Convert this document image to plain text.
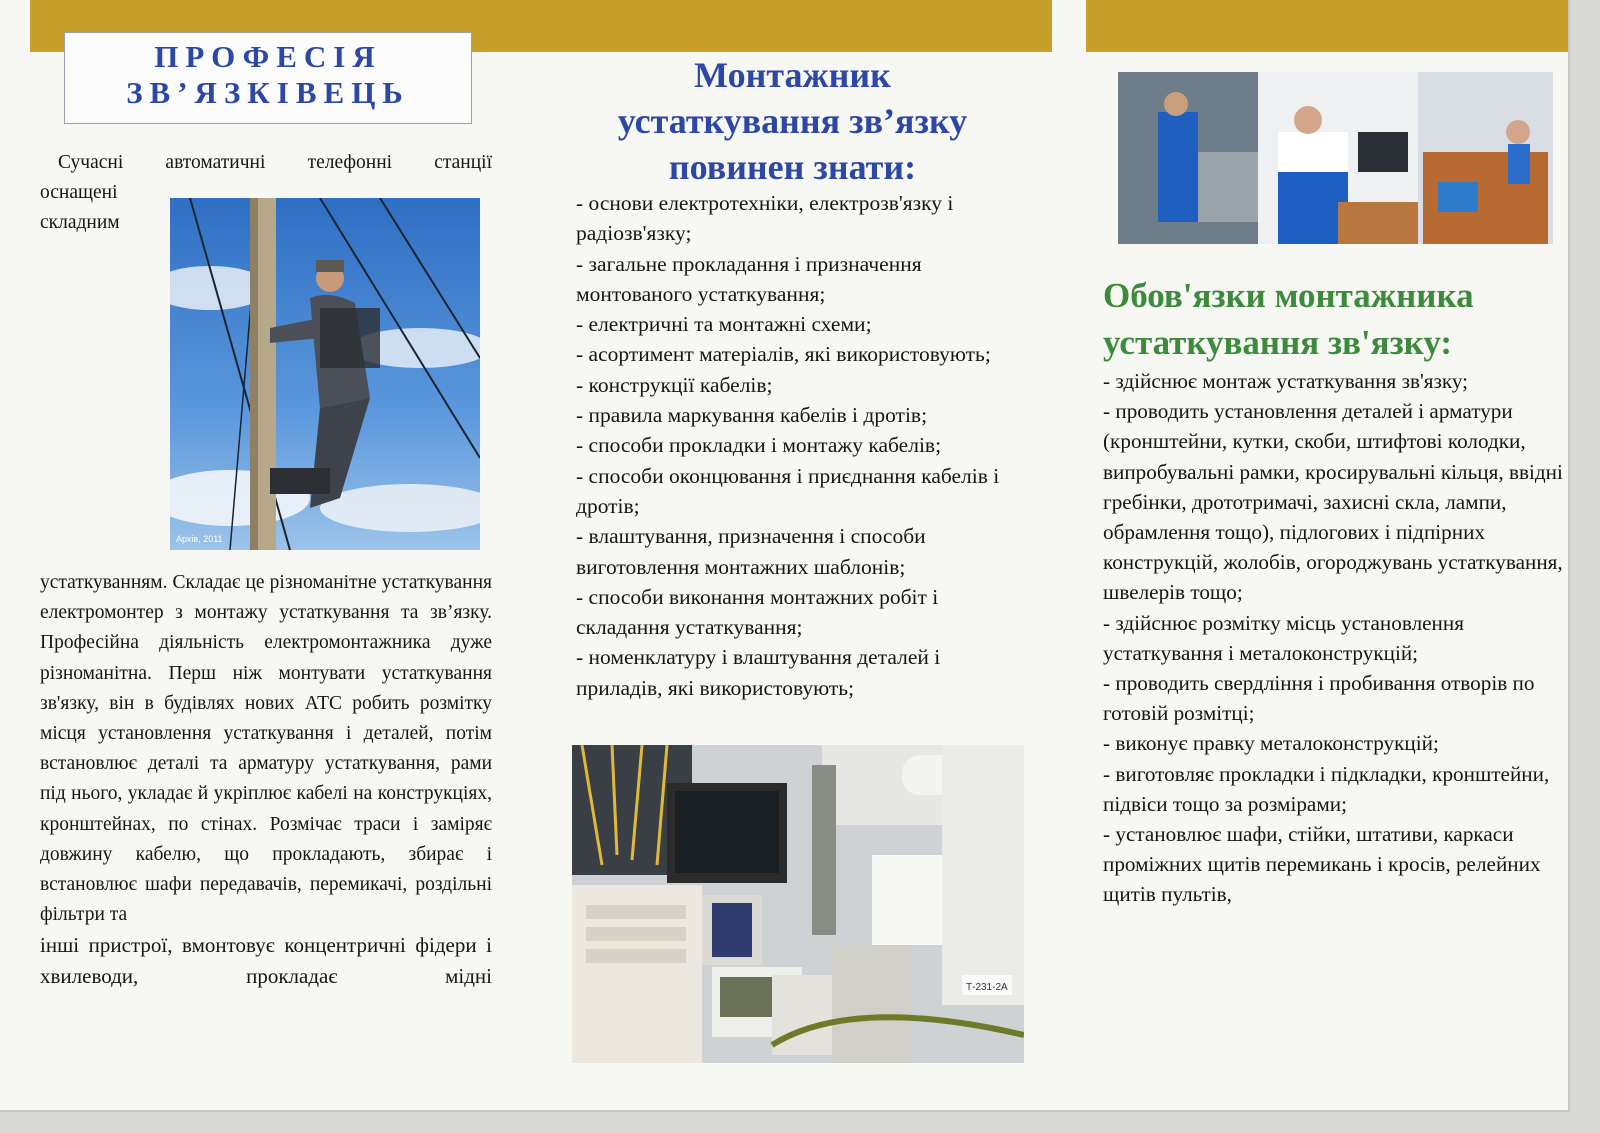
ПРОФЕСІЯ
ЗВ’ЯЗКІВЕЦЬ
Сучасні автоматичні телефонні станції
оснащені
складним
Архів, 2011
устаткуванням. Складає це різноманітне устаткування електромонтер з монтажу устаткування та зв’язку. Професійна діяльність електромонтажника дуже різноманітна. Перш ніж монтувати устаткування зв'язку, він в будівлях нових АТС робить розмітку місця установлення устаткування і деталей, потім встановлює деталі та арматуру устаткування, рами під нього, укладає й укріплює кабелі на конструкціях, кронштейнах, по стінах. Розмічає траси і заміряє довжину кабелю, що прокладають, збирає і встановлює шафи передавачів, перемикачі, роздільні фільтри та
інші пристрої, вмонтовує концентричні фідери і хвилеводи, прокладає мідні
Монтажник
устаткування зв’язку
повинен знати:
- основи електротехніки, електрозв'язку і радіозв'язку;
- загальне прокладання і призначення монтованого устаткування;
- електричні та монтажні схеми;
- асортимент матеріалів, які використовують;
- конструкції кабелів;
- правила маркування кабелів і дротів;
- способи прокладки і монтажу кабелів;
- способи оконцювання і приєднання кабелів і дротів;
- влаштування, призначення і способи виготовлення монтажних шаблонів;
- способи виконання монтажних робіт і складання устаткування;
- номенклатуру і влаштування деталей і приладів, які використовують;
Т-231-2А
Обов'язки монтажника
устаткування зв'язку:
- здійснює монтаж устаткування зв'язку;
- проводить установлення деталей і арматури (кронштейни, кутки, скоби, штифтові колодки, випробувальні рамки, кросирувальні кільця, ввідні гребінки, дрототримачі, захисні скла, лампи, обрамлення тощо), підлогових і підпірних конструкцій, жолобів, огороджувань устаткування, швелерів тощо;
- здійснює розмітку місць установлення устаткування і металоконструкцій;
- проводить свердління і пробивання отворів по готовій розмітці;
- виконує правку металоконструкцій;
- виготовляє прокладки і підкладки, кронштейни, підвіси тощо за розмірами;
- установлює шафи, стійки, штативи, каркаси проміжних щитів перемикань і кросів, релейних щитів пультів,
